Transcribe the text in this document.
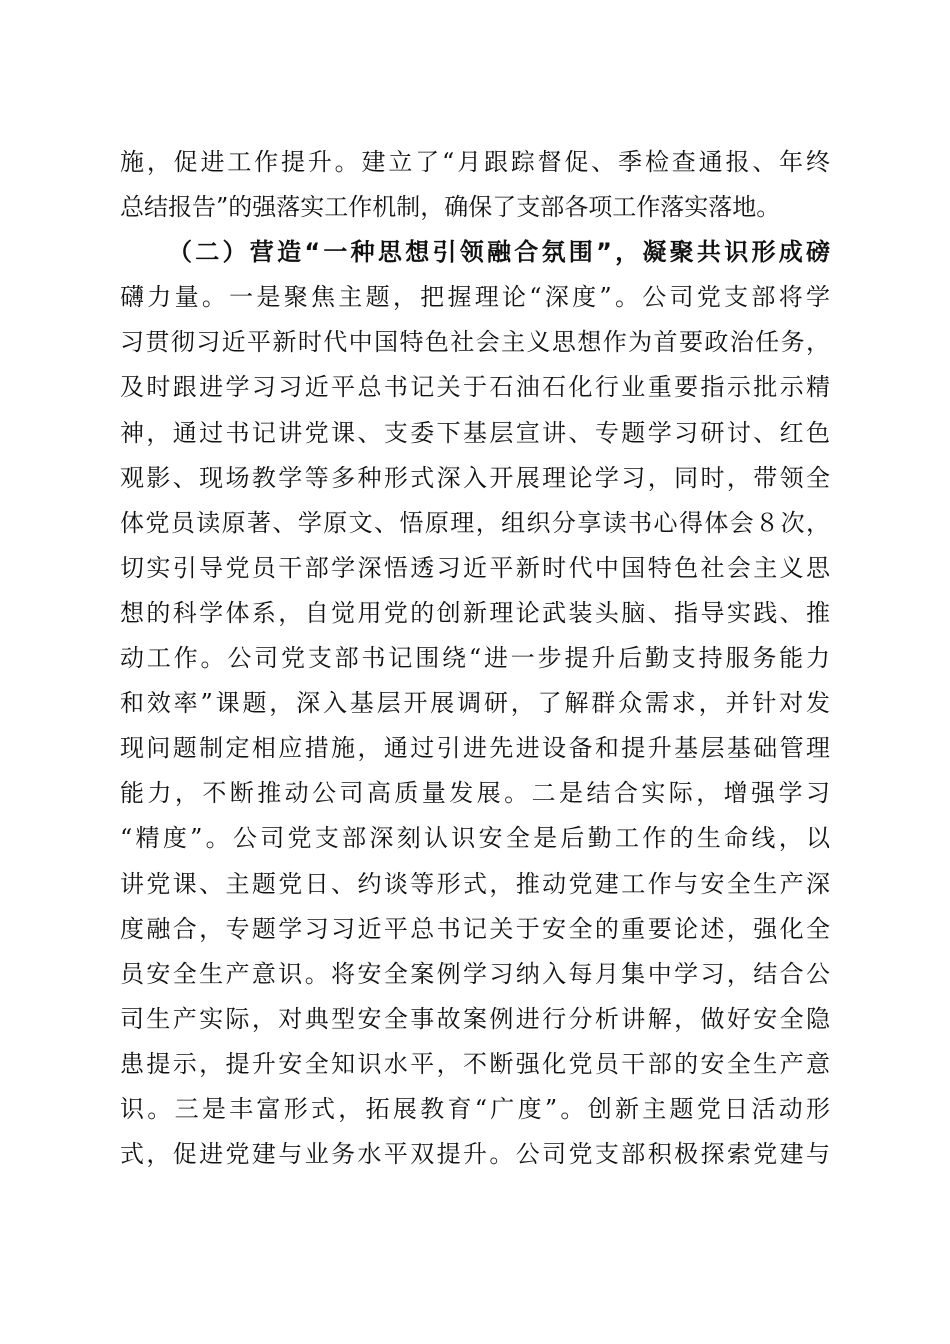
施，促进工作提升。建立了“月跟踪督促、季检查通报、年终
总结报告”的强落实工作机制，确保了支部各项工作落实落地。
（二）营造“一种思想引领融合氛围”，凝聚共识形成磅
礴力量。一是聚焦主题，把握理论“深度”。公司党支部将学
习贯彻习近平新时代中国特色社会主义思想作为首要政治任务，
及时跟进学习习近平总书记关于石油石化行业重要指示批示精
神，通过书记讲党课、支委下基层宣讲、专题学习研讨、红色
观影、现场教学等多种形式深入开展理论学习，同时，带领全
体党员读原著、学原文、悟原理，组织分享读书心得体会８次，
切实引导党员干部学深悟透习近平新时代中国特色社会主义思
想的科学体系，自觉用党的创新理论武装头脑、指导实践、推
动工作。公司党支部书记围绕“进一步提升后勤支持服务能力
和效率”课题，深入基层开展调研，了解群众需求，并针对发
现问题制定相应措施，通过引进先进设备和提升基层基础管理
能力，不断推动公司高质量发展。二是结合实际，增强学习
“精度”。公司党支部深刻认识安全是后勤工作的生命线，以
讲党课、主题党日、约谈等形式，推动党建工作与安全生产深
度融合，专题学习习近平总书记关于安全的重要论述，强化全
员安全生产意识。将安全案例学习纳入每月集中学习，结合公
司生产实际，对典型安全事故案例进行分析讲解，做好安全隐
患提示，提升安全知识水平，不断强化党员干部的安全生产意
识。三是丰富形式，拓展教育“广度”。创新主题党日活动形
式，促进党建与业务水平双提升。公司党支部积极探索党建与
